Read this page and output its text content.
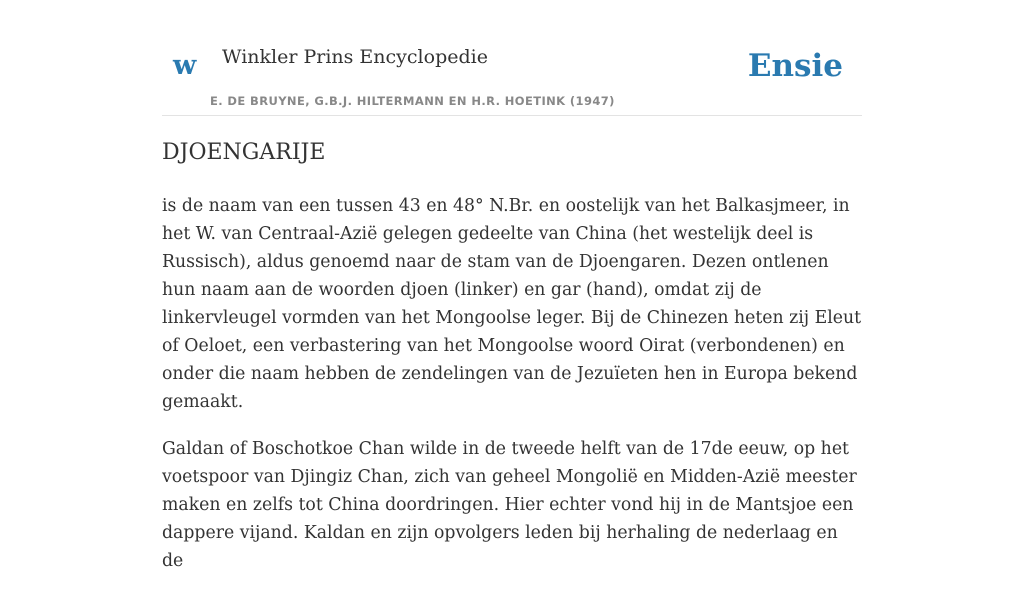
w Winkler Prins Encyclopedie
E. DE BRUYNE, G.B.J. HILTERMANN EN H.R. HOETINK (1947)
Ensie
DJOENGARIJE

is de naam van een tussen 43 en 48° N.Br. en oostelijk van het Balkasjmeer, in het W. van Centraal-Azië gelegen gedeelte van China (het westelijk deel is Russisch), aldus genoemd naar de stam van de Djoengaren. Dezen ontlenen hun naam aan de woorden djoen (linker) en gar (hand), omdat zij de linkervleugel vormden van het Mongoolse leger. Bij de Chinezen heten zij Eleut of Oeloet, een verbastering van het Mongoolse woord Oirat (verbondenen) en onder die naam hebben de zendelingen van de Jezuïeten hen in Europa bekend gemaakt.

Galdan of Boschotkoe Chan wilde in de tweede helft van de 17de eeuw, op het voetspoor van Djingiz Chan, zich van geheel Mongolië en Midden-Azië meester maken en zelfs tot China doordringen. Hier echter vond hij in de Mantsjoe een dappere vijand. Kaldan en zijn opvolgers leden bij herhaling de nederlaag en de
